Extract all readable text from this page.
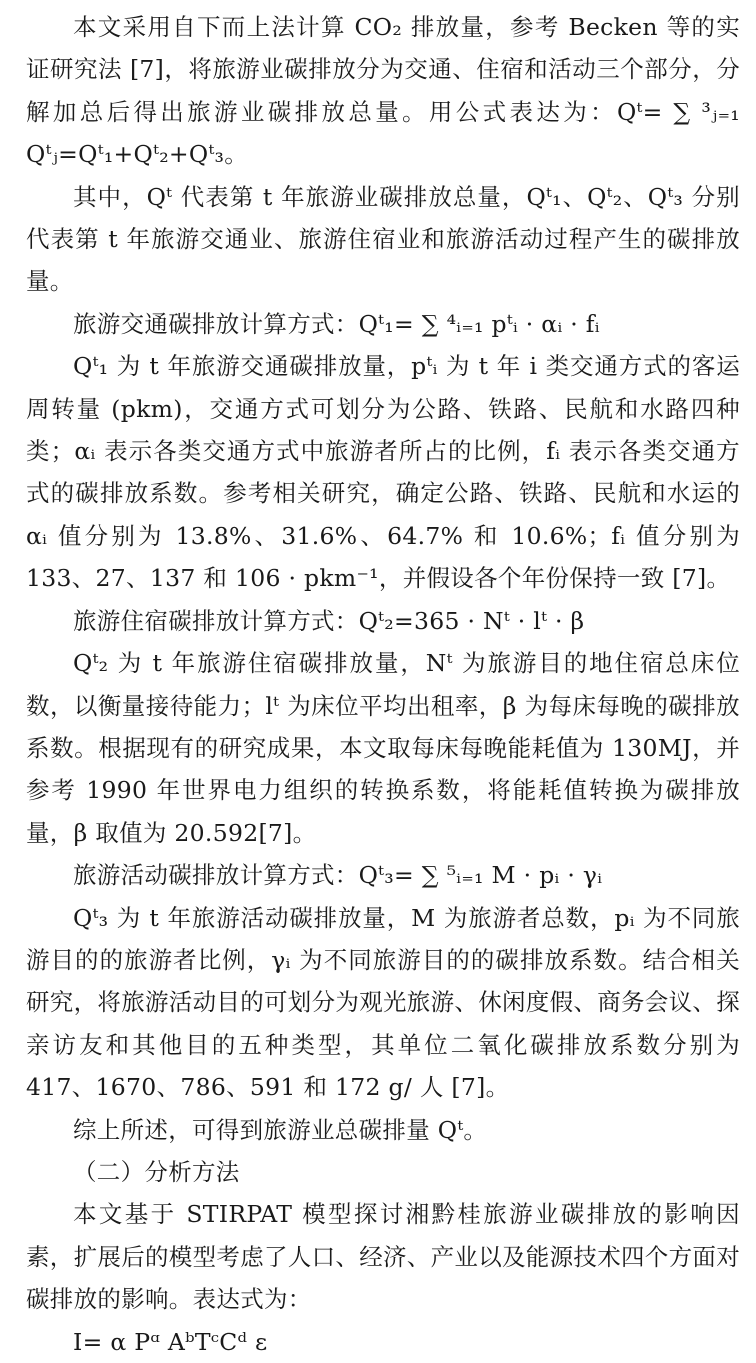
本文采用自下而上法计算 CO₂ 排放量，参考 Becken 等的实证研究法 [7]，将旅游业碳排放分为交通、住宿和活动三个部分，分解加总后得出旅游业碳排放总量。用公式表达为：Qᵗ= ∑ ³ⱼ₌₁ Qᵗⱼ=Qᵗ₁+Qᵗ₂+Qᵗ₃。

其中，Qᵗ 代表第 t 年旅游业碳排放总量，Qᵗ₁、Qᵗ₂、Qᵗ₃ 分别代表第 t 年旅游交通业、旅游住宿业和旅游活动过程产生的碳排放量。

旅游交通碳排放计算方式：Qᵗ₁= ∑ ⁴ᵢ₌₁ pᵗᵢ · αᵢ · fᵢ

Qᵗ₁ 为 t 年旅游交通碳排放量，pᵗᵢ 为 t 年 i 类交通方式的客运周转量 (pkm)，交通方式可划分为公路、铁路、民航和水路四种类；αᵢ 表示各类交通方式中旅游者所占的比例，fᵢ 表示各类交通方式的碳排放系数。参考相关研究，确定公路、铁路、民航和水运的 αᵢ 值分别为 13.8%、31.6%、64.7% 和 10.6%；fᵢ 值分别为 133、27、137 和 106 · pkm⁻¹，并假设各个年份保持一致 [7]。

旅游住宿碳排放计算方式：Qᵗ₂=365 · Nᵗ · lᵗ · β

Qᵗ₂ 为 t 年旅游住宿碳排放量，Nᵗ 为旅游目的地住宿总床位数，以衡量接待能力；lᵗ 为床位平均出租率，β 为每床每晚的碳排放系数。根据现有的研究成果，本文取每床每晚能耗值为 130MJ，并参考 1990 年世界电力组织的转换系数，将能耗值转换为碳排放量，β 取值为 20.592[7]。

旅游活动碳排放计算方式：Qᵗ₃= ∑ ⁵ᵢ₌₁ M · pᵢ · γᵢ

Qᵗ₃ 为 t 年旅游活动碳排放量，M 为旅游者总数，pᵢ 为不同旅游目的的旅游者比例，γᵢ 为不同旅游目的的碳排放系数。结合相关研究，将旅游活动目的可划分为观光旅游、休闲度假、商务会议、探亲访友和其他目的五种类型，其单位二氧化碳排放系数分别为 417、1670、786、591 和 172 g/ 人 [7]。

综上所述，可得到旅游业总碳排量 Qᵗ。

（二）分析方法

本文基于 STIRPAT 模型探讨湘黔桂旅游业碳排放的影响因素，扩展后的模型考虑了人口、经济、产业以及能源技术四个方面对碳排放的影响。表达式为：

I= α Pᵅ AᵇTᶜCᵈ ε
